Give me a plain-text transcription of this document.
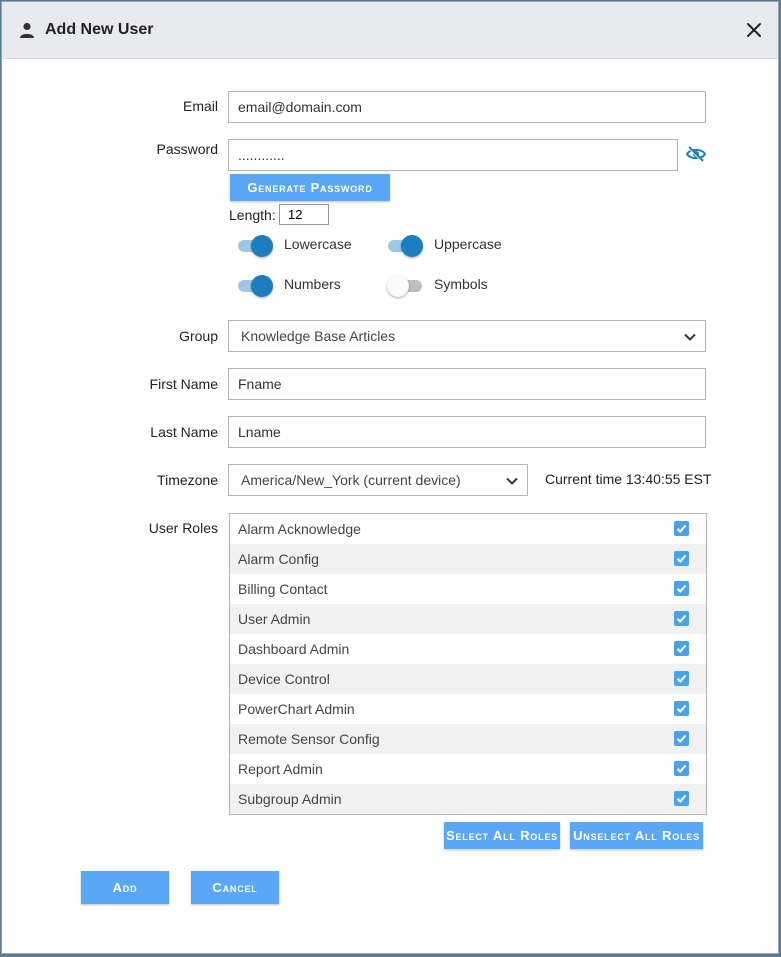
Add New User
Email
email@domain.com
Password
............
Generate Password
Length:
12
Lowercase	Uppercase
Numbers	Symbols
Group	Knowledge Base Articles
First Name
Fname
Last Name
Lname
Timezone	America/New_York (current device)	Current time 13:40:55 EST
User Roles Alarm Acknowledge
Alarm Config
Billing Contact
User Admin
Dashboard Admin
Device Control
PowerChart Admin
Remote Sensor Config
Report Admin
Subgroup Admin
Select All Roles Unselect All Roles
Add	Cancel
